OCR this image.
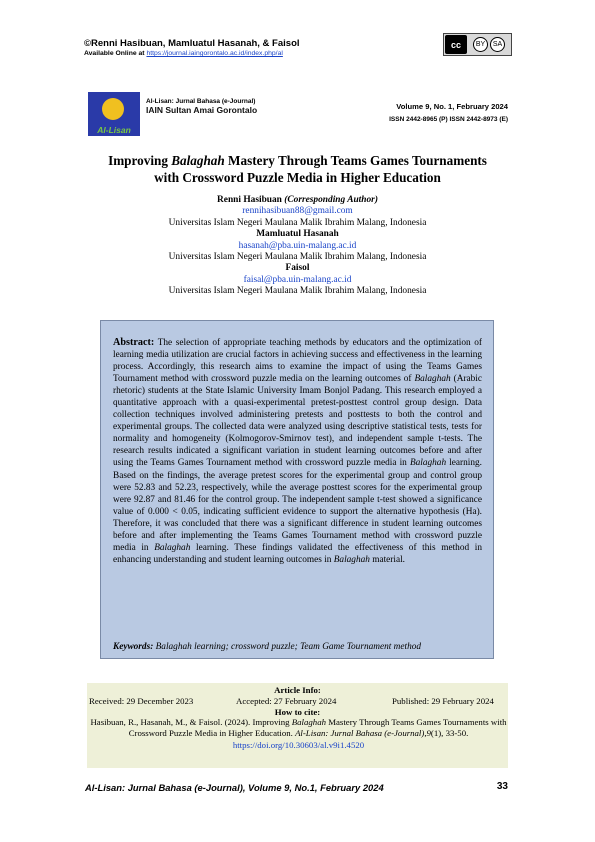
©Renni Hasibuan, Mamluatul Hasanah, & Faisol
Available Online at https://journal.iaingorontalo.ac.id/index.php/al
cc	BY	SA
Al-Lisan
Al-Lisan: Jurnal Bahasa (e-Journal)
IAIN Sultan Amai Gorontalo	Volume 9, No. 1, February 2024
ISSN 2442-8965 (P) ISSN 2442-8973 (E)
Improving Balaghah Mastery Through Teams Games Tournaments
with Crossword Puzzle Media in Higher Education
Renni Hasibuan (Corresponding Author)
rennihasibuan88@gmail.com
Universitas Islam Negeri Maulana Malik Ibrahim Malang, Indonesia
Mamluatul Hasanah
hasanah@pba.uin-malang.ac.id
Universitas Islam Negeri Maulana Malik Ibrahim Malang, Indonesia
Faisol
faisal@pba.uin-malang.ac.id
Universitas Islam Negeri Maulana Malik Ibrahim Malang, Indonesia
Abstract: The selection of appropriate teaching methods by educators and the optimization of learning media utilization are crucial factors in achieving success and effectiveness in the learning process. Accordingly, this research aims to examine the impact of using the Teams Games Tournament method with crossword puzzle media on the learning outcomes of Balaghah (Arabic rhetoric) students at the State Islamic University Imam Bonjol Padang. This research employed a quantitative approach with a quasi-experimental pretest-posttest control group design. Data collection techniques involved administering pretests and posttests to both the control and experimental groups. The collected data were analyzed using descriptive statistical tests, tests for normality and homogeneity (Kolmogorov-Smirnov test), and independent sample t-tests. The research results indicated a significant variation in student learning outcomes before and after using the Teams Games Tournament method with crossword puzzle media in Balaghah learning. Based on the findings, the average pretest scores for the experimental group and control group were 52.83 and 52.23, respectively, while the average posttest scores for the experimental group were 92.87 and 81.46 for the control group. The independent sample t-test showed a significance value of 0.000 < 0.05, indicating sufficient evidence to support the alternative hypothesis (Ha). Therefore, it was concluded that there was a significant difference in student learning outcomes before and after implementing the Teams Games Tournament method with crossword puzzle media in Balaghah learning. These findings validated the effectiveness of this method in enhancing understanding and student learning outcomes in Balaghah material.
Keywords: Balaghah learning; crossword puzzle; Team Game Tournament method
Article Info:
Received: 29 December 2023	Accepted: 27 February 2024	Published: 29 February 2024
How to cite:
Hasibuan, R., Hasanah, M., & Faisol. (2024). Improving Balaghah Mastery Through Teams Games Tournaments with Crossword Puzzle Media in Higher Education. Al-Lisan: Jurnal Bahasa (e-Journal),9(1), 33-50. https://doi.org/10.30603/al.v9i1.4520
Al-Lisan: Jurnal Bahasa (e-Journal), Volume 9, No.1, February 2024	33
